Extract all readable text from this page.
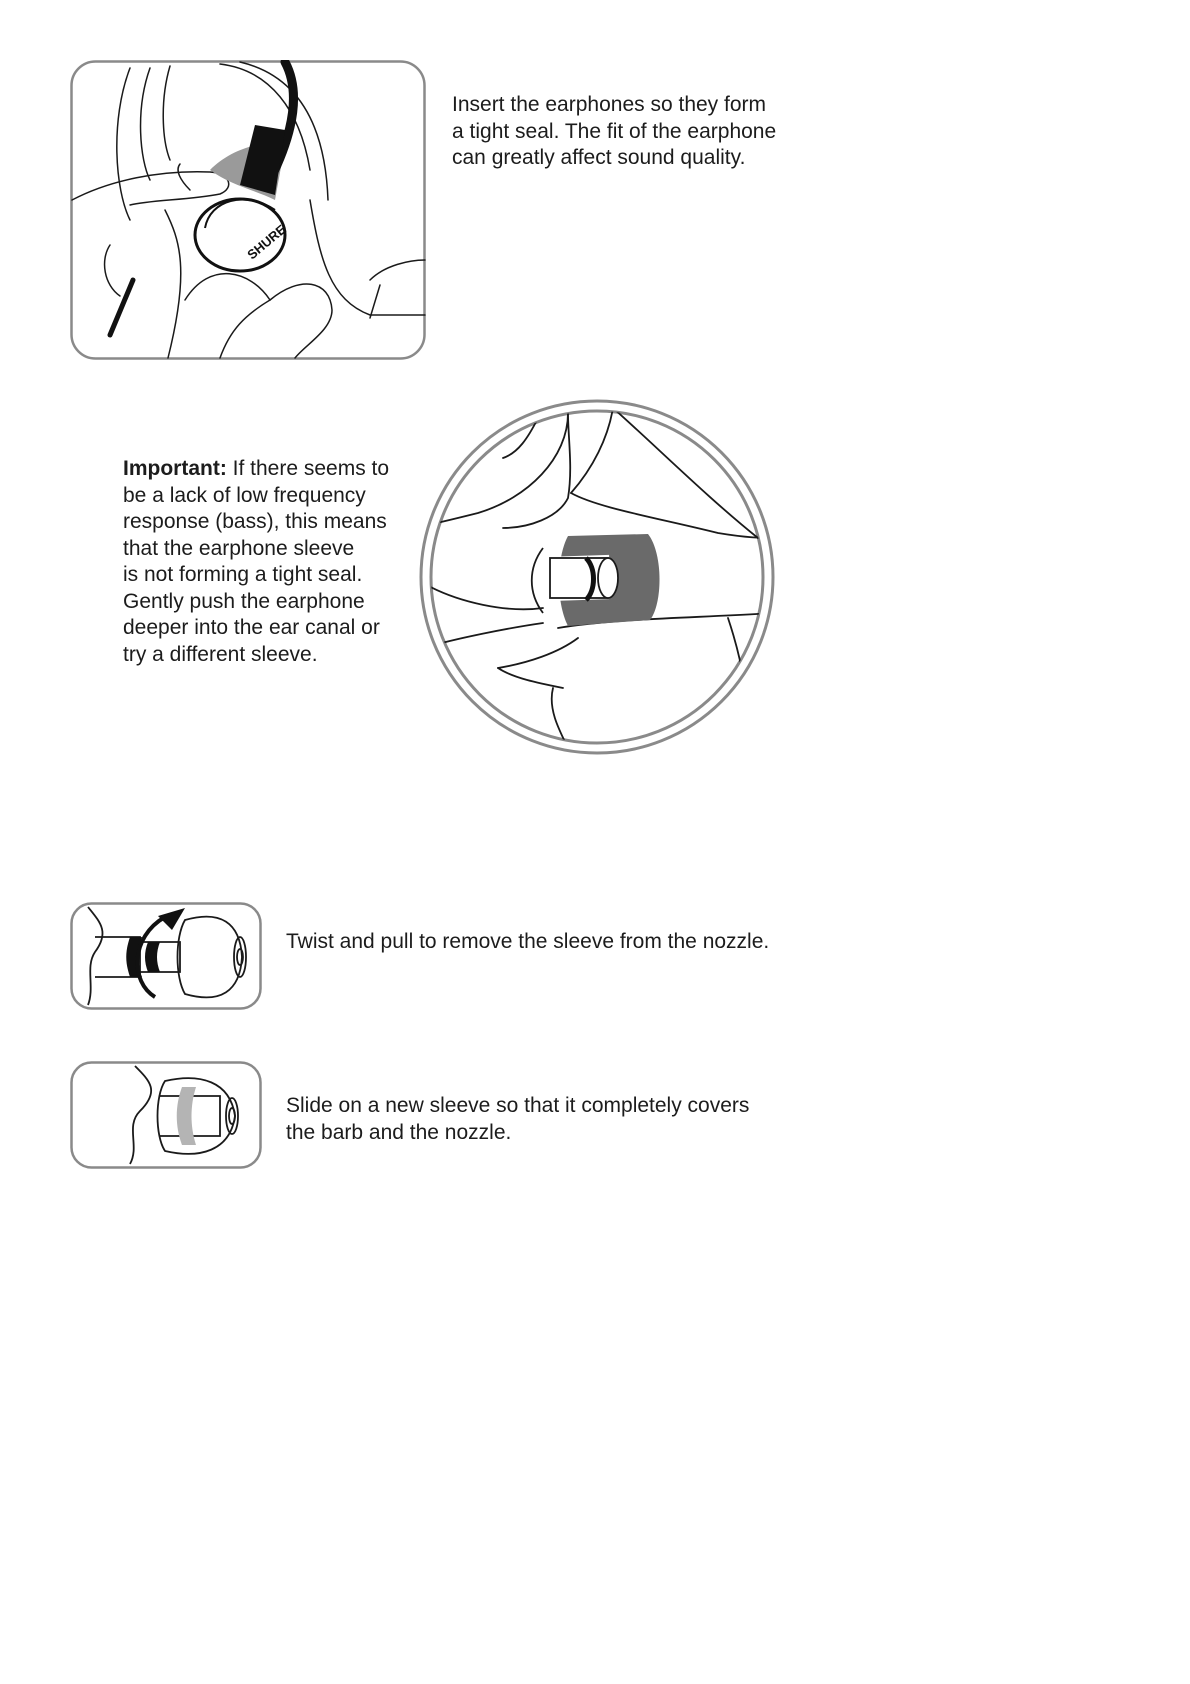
SHURE

Insert the earphones so they form

a tight seal. The fit of the earphone

can greatly affect sound quality.

Important: If there seems to

be a lack of low frequency

response (bass), this means

that the earphone sleeve

is not forming a tight seal.

Gently push the earphone

deeper into the ear canal or

try a different sleeve.

Twist and pull to remove the sleeve from the nozzle.

Slide on a new sleeve so that it completely covers

the barb and the nozzle.
